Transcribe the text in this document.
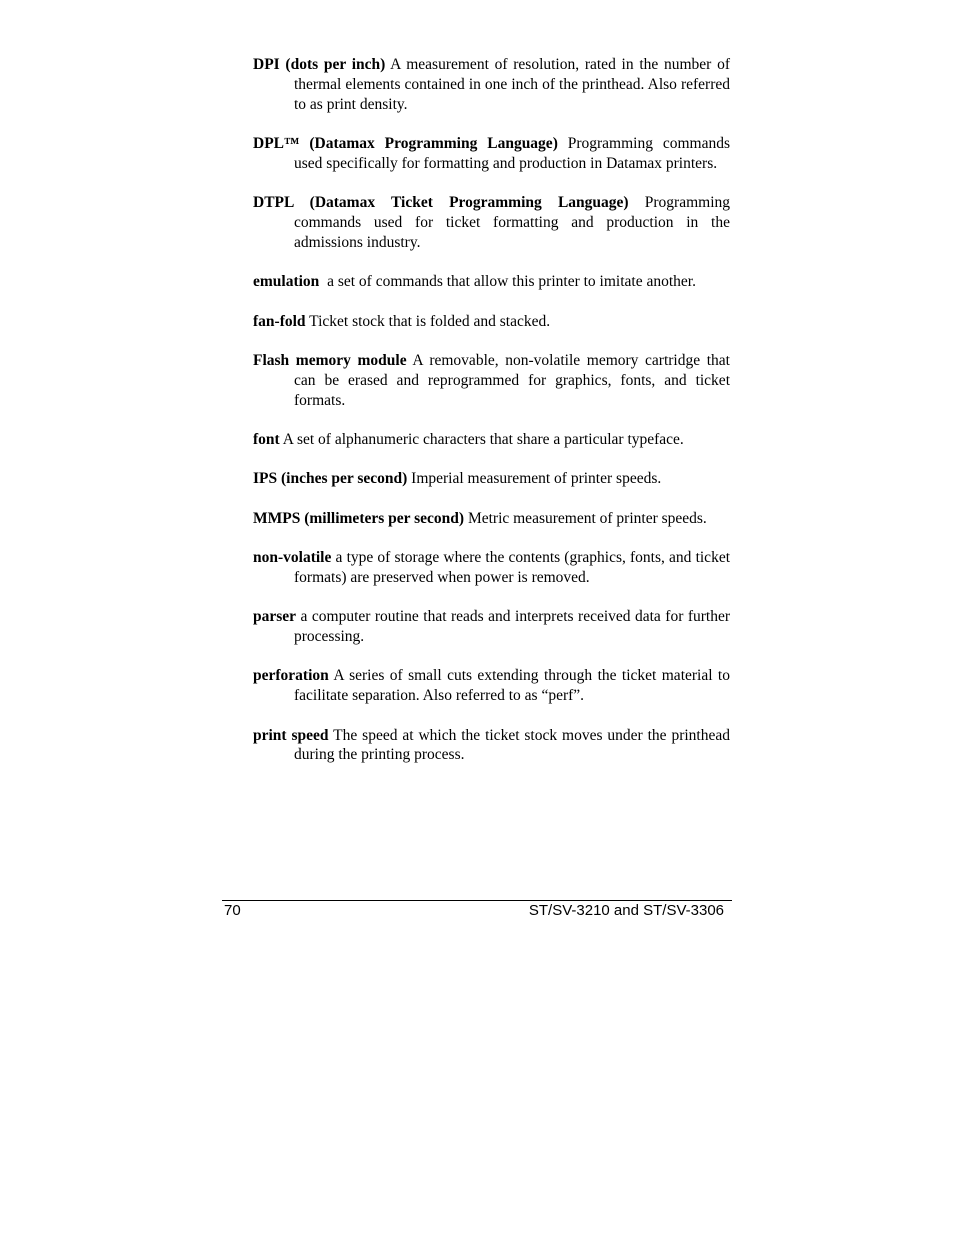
DPI (dots per inch) A measurement of resolution, rated in the number of thermal elements contained in one inch of the printhead. Also referred to as print density.
DPL™ (Datamax Programming Language) Programming commands used specifically for formatting and production in Datamax printers.
DTPL (Datamax Ticket Programming Language) Programming commands used for ticket formatting and production in the admissions industry.
emulation a set of commands that allow this printer to imitate another.
fan-fold Ticket stock that is folded and stacked.
Flash memory module A removable, non-volatile memory cartridge that can be erased and reprogrammed for graphics, fonts, and ticket formats.
font A set of alphanumeric characters that share a particular typeface.
IPS (inches per second) Imperial measurement of printer speeds.
MMPS (millimeters per second) Metric measurement of printer speeds.
non-volatile a type of storage where the contents (graphics, fonts, and ticket formats) are preserved when power is removed.
parser a computer routine that reads and interprets received data for further processing.
perforation A series of small cuts extending through the ticket material to facilitate separation. Also referred to as “perf”.
print speed The speed at which the ticket stock moves under the printhead during the printing process.
70	ST/SV-3210 and ST/SV-3306
